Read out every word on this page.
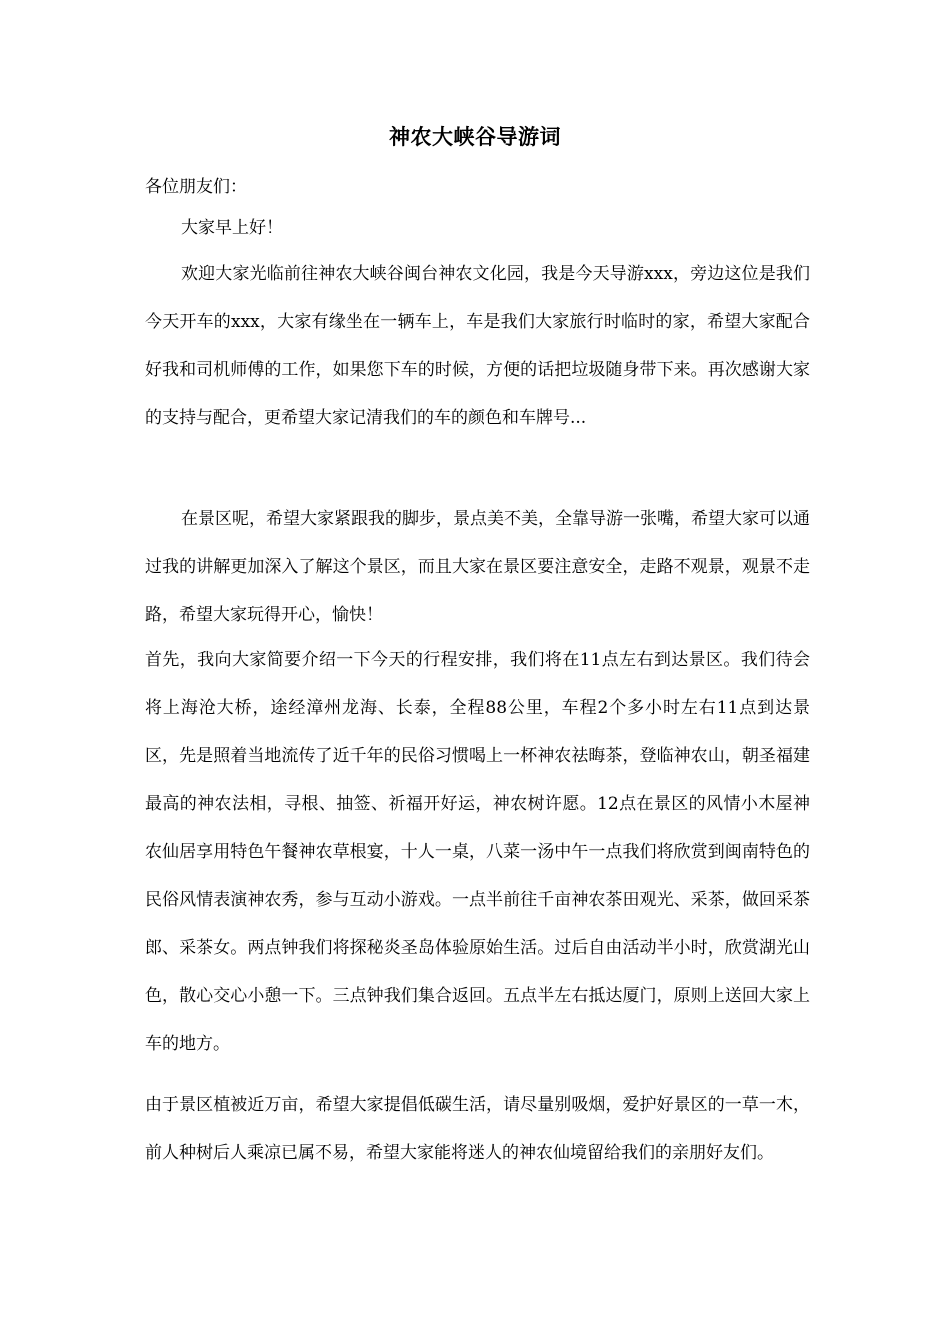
神农大峡谷导游词

各位朋友们：

大家早上好！

欢迎大家光临前往神农大峡谷闽台神农文化园，我是今天导游xxx，旁边这位是我们今天开车的xxx，大家有缘坐在一辆车上，车是我们大家旅行时临时的家，希望大家配合好我和司机师傅的工作，如果您下车的时候，方便的话把垃圾随身带下来。再次感谢大家的支持与配合，更希望大家记清我们的车的颜色和车牌号...

在景区呢，希望大家紧跟我的脚步，景点美不美，全靠导游一张嘴，希望大家可以通过我的讲解更加深入了解这个景区，而且大家在景区要注意安全，走路不观景，观景不走路，希望大家玩得开心，愉快！

首先，我向大家简要介绍一下今天的行程安排，我们将在11点左右到达景区。我们待会将上海沧大桥，途经漳州龙海、长泰，全程88公里，车程2个多小时左右11点到达景区，先是照着当地流传了近千年的民俗习惯喝上一杯神农祛晦茶，登临神农山，朝圣福建最高的神农法相，寻根、抽签、祈福开好运，神农树许愿。12点在景区的风情小木屋神农仙居享用特色午餐神农草根宴，十人一桌，八菜一汤中午一点我们将欣赏到闽南特色的民俗风情表演神农秀，参与互动小游戏。一点半前往千亩神农茶田观光、采茶，做回采茶郎、采茶女。两点钟我们将探秘炎圣岛体验原始生活。过后自由活动半小时，欣赏湖光山色，散心交心小憩一下。三点钟我们集合返回。五点半左右抵达厦门，原则上送回大家上车的地方。

由于景区植被近万亩，希望大家提倡低碳生活，请尽量别吸烟，爱护好景区的一草一木，前人种树后人乘凉已属不易，希望大家能将迷人的神农仙境留给我们的亲朋好友们。
